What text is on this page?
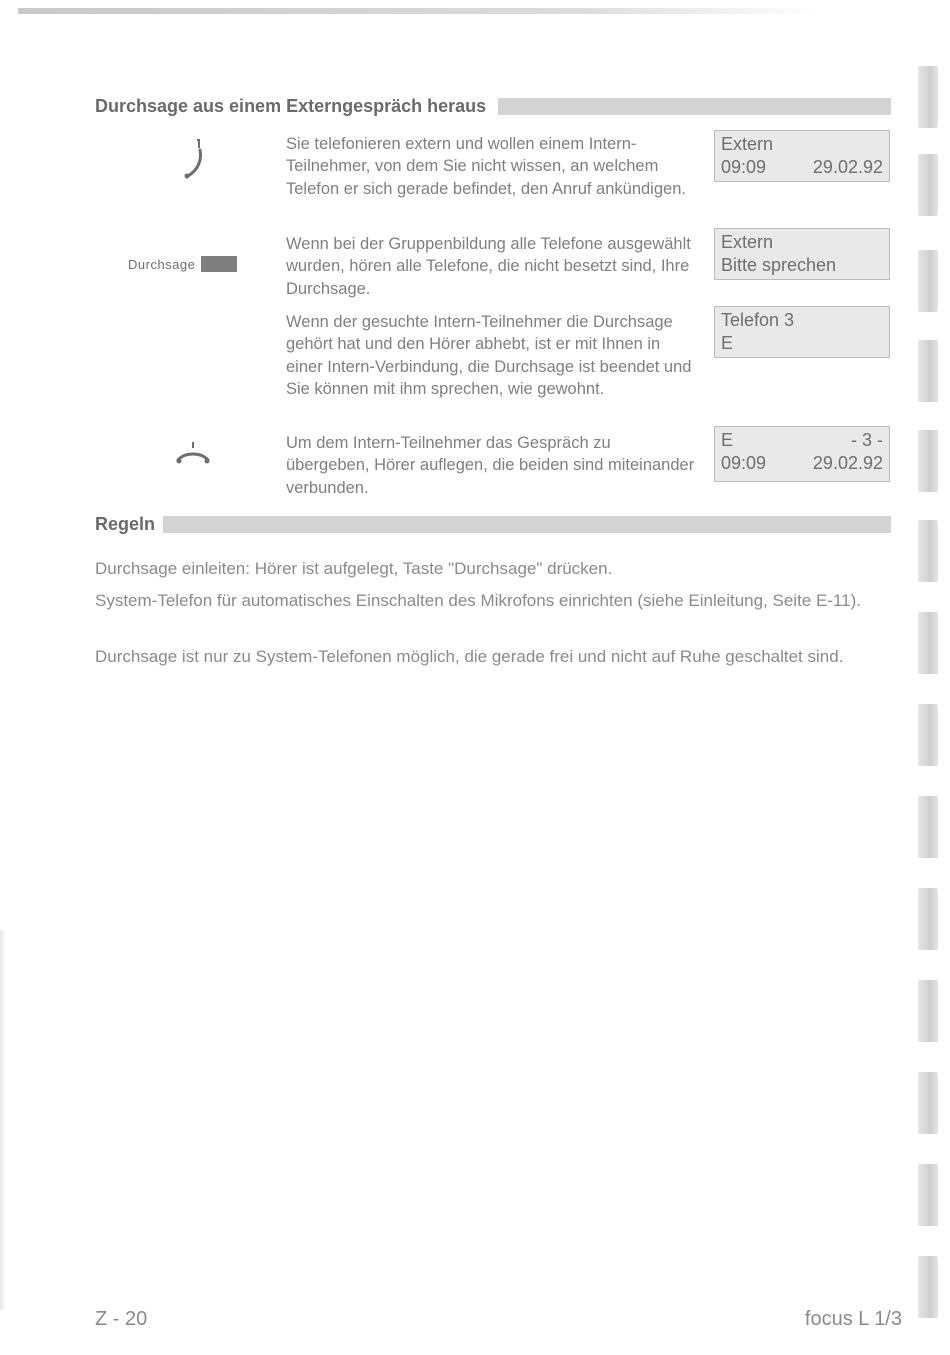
Durchsage aus einem Externgespräch heraus
Durchsage

Sie telefonieren extern und wollen einem Intern-Teilnehmer, von dem Sie nicht wissen, an welchem Telefon er sich gerade befindet, den Anruf ankündigen.

Wenn bei der Gruppenbildung alle Telefone ausgewählt wurden, hören alle Telefone, die nicht besetzt sind, Ihre Durchsage.

Wenn der gesuchte Intern-Teilnehmer die Durchsage gehört hat und den Hörer abhebt, ist er mit Ihnen in einer Intern-Verbindung, die Durchsage ist beendet und Sie können mit ihm sprechen, wie gewohnt.

Um dem Intern-Teilnehmer das Gespräch zu übergeben, Hörer auflegen, die beiden sind miteinander verbunden.

Extern
09:09	29.02.92
Extern
Bitte sprechen
Telefon 3
E
E	- 3 -
09:09	29.02.92
Regeln

Durchsage einleiten: Hörer ist aufgelegt, Taste "Durchsage" drücken.

System-Telefon für automatisches Einschalten des Mikrofons einrichten (siehe Einleitung, Seite E-11).

Durchsage ist nur zu System-Telefonen möglich, die gerade frei und nicht auf Ruhe geschaltet sind.

Z - 20	focus L 1/3
